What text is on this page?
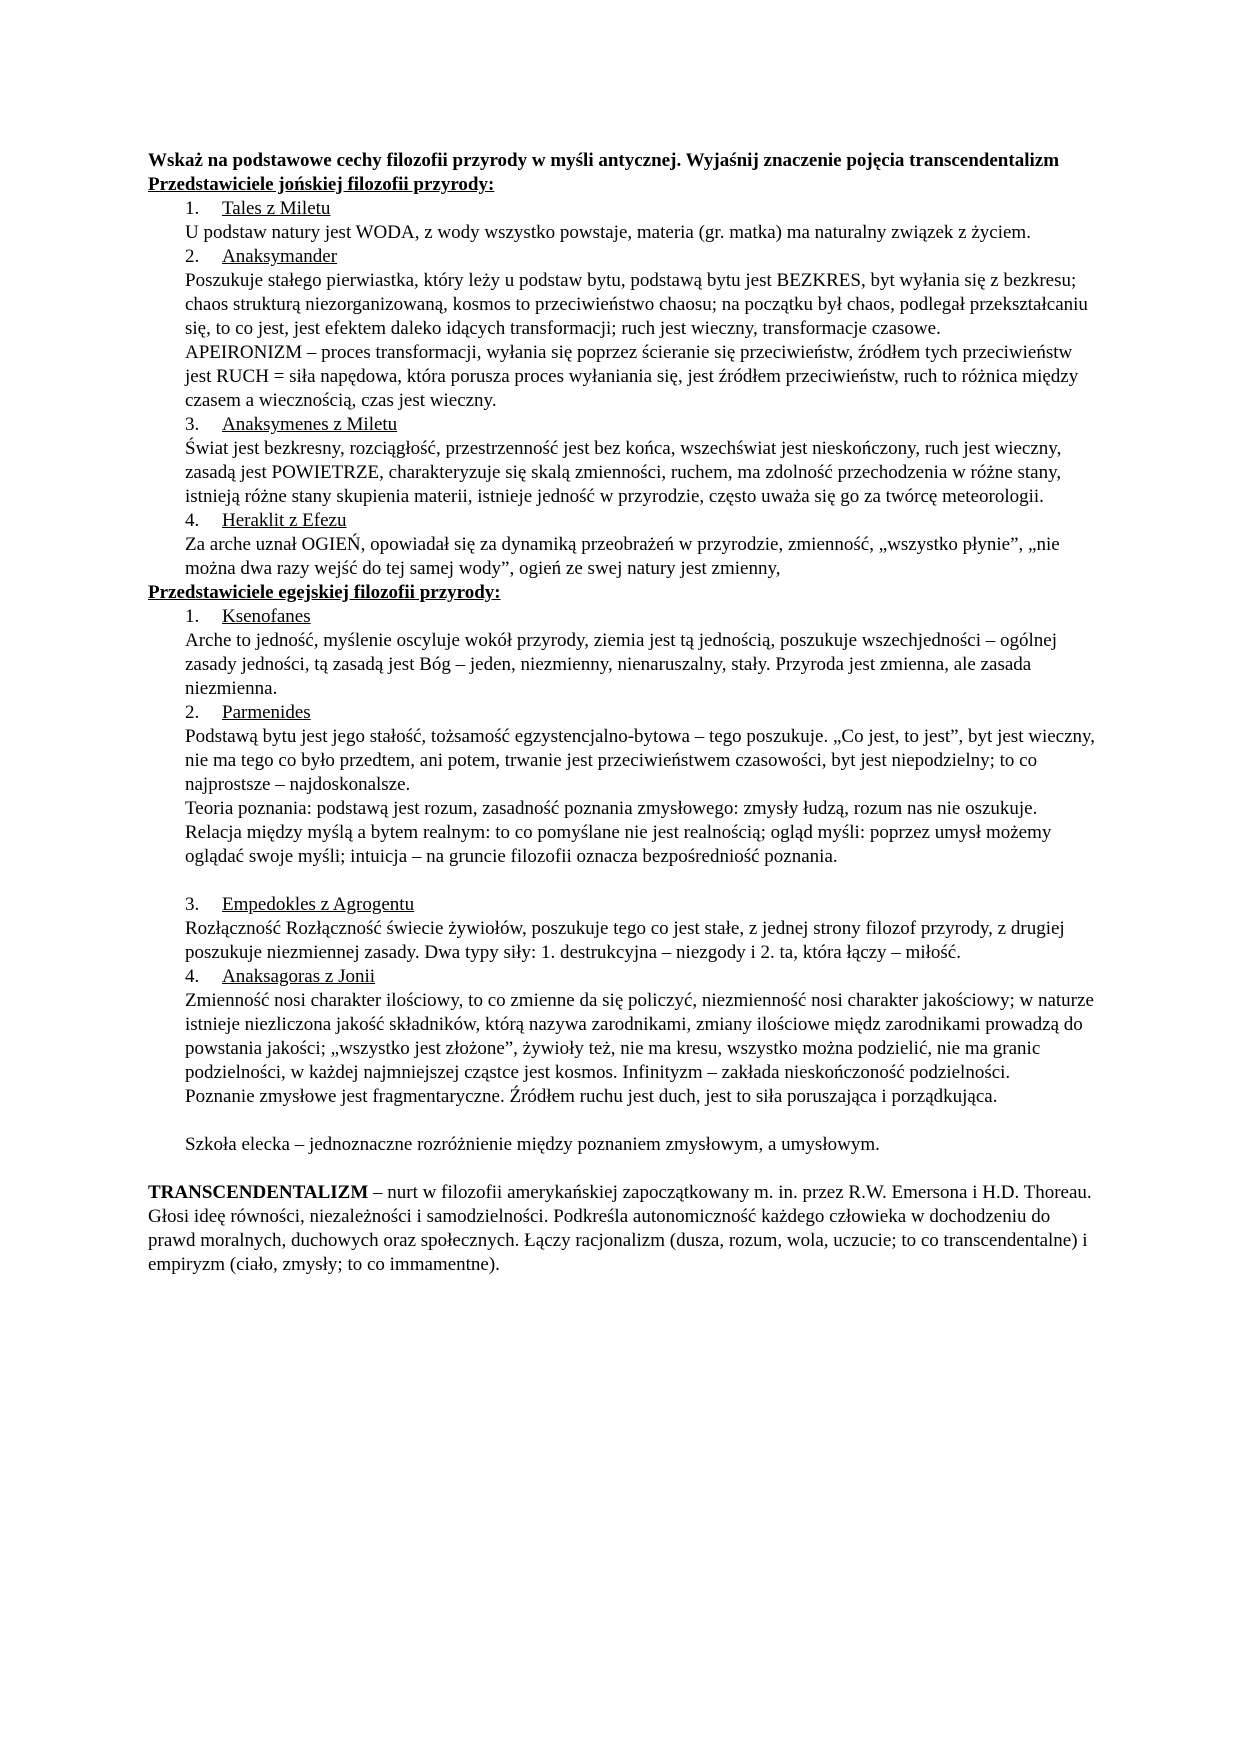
Wskaż na podstawowe cechy filozofii przyrody w myśli antycznej. Wyjaśnij znaczenie pojęcia transcendentalizm

Przedstawiciele jońskiej filozofii przyrody:

1.	Tales z Miletu

U podstaw natury jest WODA, z wody wszystko powstaje, materia (gr. matka) ma naturalny związek z życiem.

2.	Anaksymander

Poszukuje stałego pierwiastka, który leży u podstaw bytu, podstawą bytu jest BEZKRES, byt wyłania się z bezkresu; chaos strukturą niezorganizowaną, kosmos to przeciwieństwo chaosu; na początku był chaos, podlegał przekształcaniu się, to co jest, jest efektem daleko idących transformacji; ruch jest wieczny, transformacje czasowe.

APEIRONIZM – proces transformacji, wyłania się poprzez ścieranie się przeciwieństw, źródłem tych przeciwieństw jest RUCH = siła napędowa, która porusza proces wyłaniania się, jest źródłem przeciwieństw, ruch to różnica między czasem a wiecznością, czas jest wieczny.

3.	Anaksymenes z Miletu

Świat jest bezkresny, rozciągłość, przestrzenność jest bez końca, wszechświat jest nieskończony, ruch jest wieczny, zasadą jest POWIETRZE, charakteryzuje się skalą zmienności, ruchem, ma zdolność przechodzenia w różne stany, istnieją różne stany skupienia materii, istnieje jedność w przyrodzie, często uważa się go za twórcę meteorologii.

4.	Heraklit z Efezu

Za arche uznał OGIEŃ, opowiadał się za dynamiką przeobrażeń w przyrodzie, zmienność, „wszystko płynie”, „nie można dwa razy wejść do tej samej wody”, ogień ze swej natury jest zmienny,

Przedstawiciele egejskiej filozofii przyrody:

1.	Ksenofanes

Arche to jedność, myślenie oscyluje wokół przyrody, ziemia jest tą jednością, poszukuje wszechjedności – ogólnej zasady jedności, tą zasadą jest Bóg – jeden, niezmienny, nienaruszalny, stały. Przyroda jest zmienna, ale zasada niezmienna.

2.	Parmenides

Podstawą bytu jest jego stałość, tożsamość egzystencjalno-bytowa – tego poszukuje. „Co jest, to jest”, byt jest wieczny, nie ma tego co było przedtem, ani potem, trwanie jest przeciwieństwem czasowości, byt jest niepodzielny; to co najprostsze – najdoskonalsze.

Teoria poznania: podstawą jest rozum, zasadność poznania zmysłowego: zmysły łudzą, rozum nas nie oszukuje. Relacja między myślą a bytem realnym: to co pomyślane nie jest realnością; ogląd myśli: poprzez umysł możemy oglądać swoje myśli; intuicja – na gruncie filozofii oznacza bezpośredniość poznania.

3.	Empedokles z Agrogentu

Rozłączność Rozłączność świecie żywiołów, poszukuje tego co jest stałe, z jednej strony filozof przyrody, z drugiej poszukuje niezmiennej zasady. Dwa typy siły: 1. destrukcyjna – niezgody i 2. ta, która łączy – miłość.

4.	Anaksagoras z Jonii

Zmienność nosi charakter ilościowy, to co zmienne da się policzyć, niezmienność nosi charakter jakościowy; w naturze istnieje niezliczona jakość składników, którą nazywa zarodnikami, zmiany ilościowe międz zarodnikami prowadzą do powstania jakości; „wszystko jest złożone”, żywioły też, nie ma kresu, wszystko można podzielić, nie ma granic podzielności, w każdej najmniejszej cząstce jest kosmos. Infinityzm – zakłada nieskończoność podzielności.

Poznanie zmysłowe jest fragmentaryczne. Źródłem ruchu jest duch, jest to siła poruszająca i porządkująca.

Szkoła elecka – jednoznaczne rozróżnienie między poznaniem zmysłowym, a umysłowym.

TRANSCENDENTALIZM – nurt w filozofii amerykańskiej zapoczątkowany m. in. przez R.W. Emersona i H.D. Thoreau. Głosi ideę równości, niezależności i samodzielności. Podkreśla autonomiczność każdego człowieka w dochodzeniu do prawd moralnych, duchowych oraz społecznych. Łączy racjonalizm (dusza, rozum, wola, uczucie; to co transcendentalne) i empiryzm (ciało, zmysły; to co immamentne).
